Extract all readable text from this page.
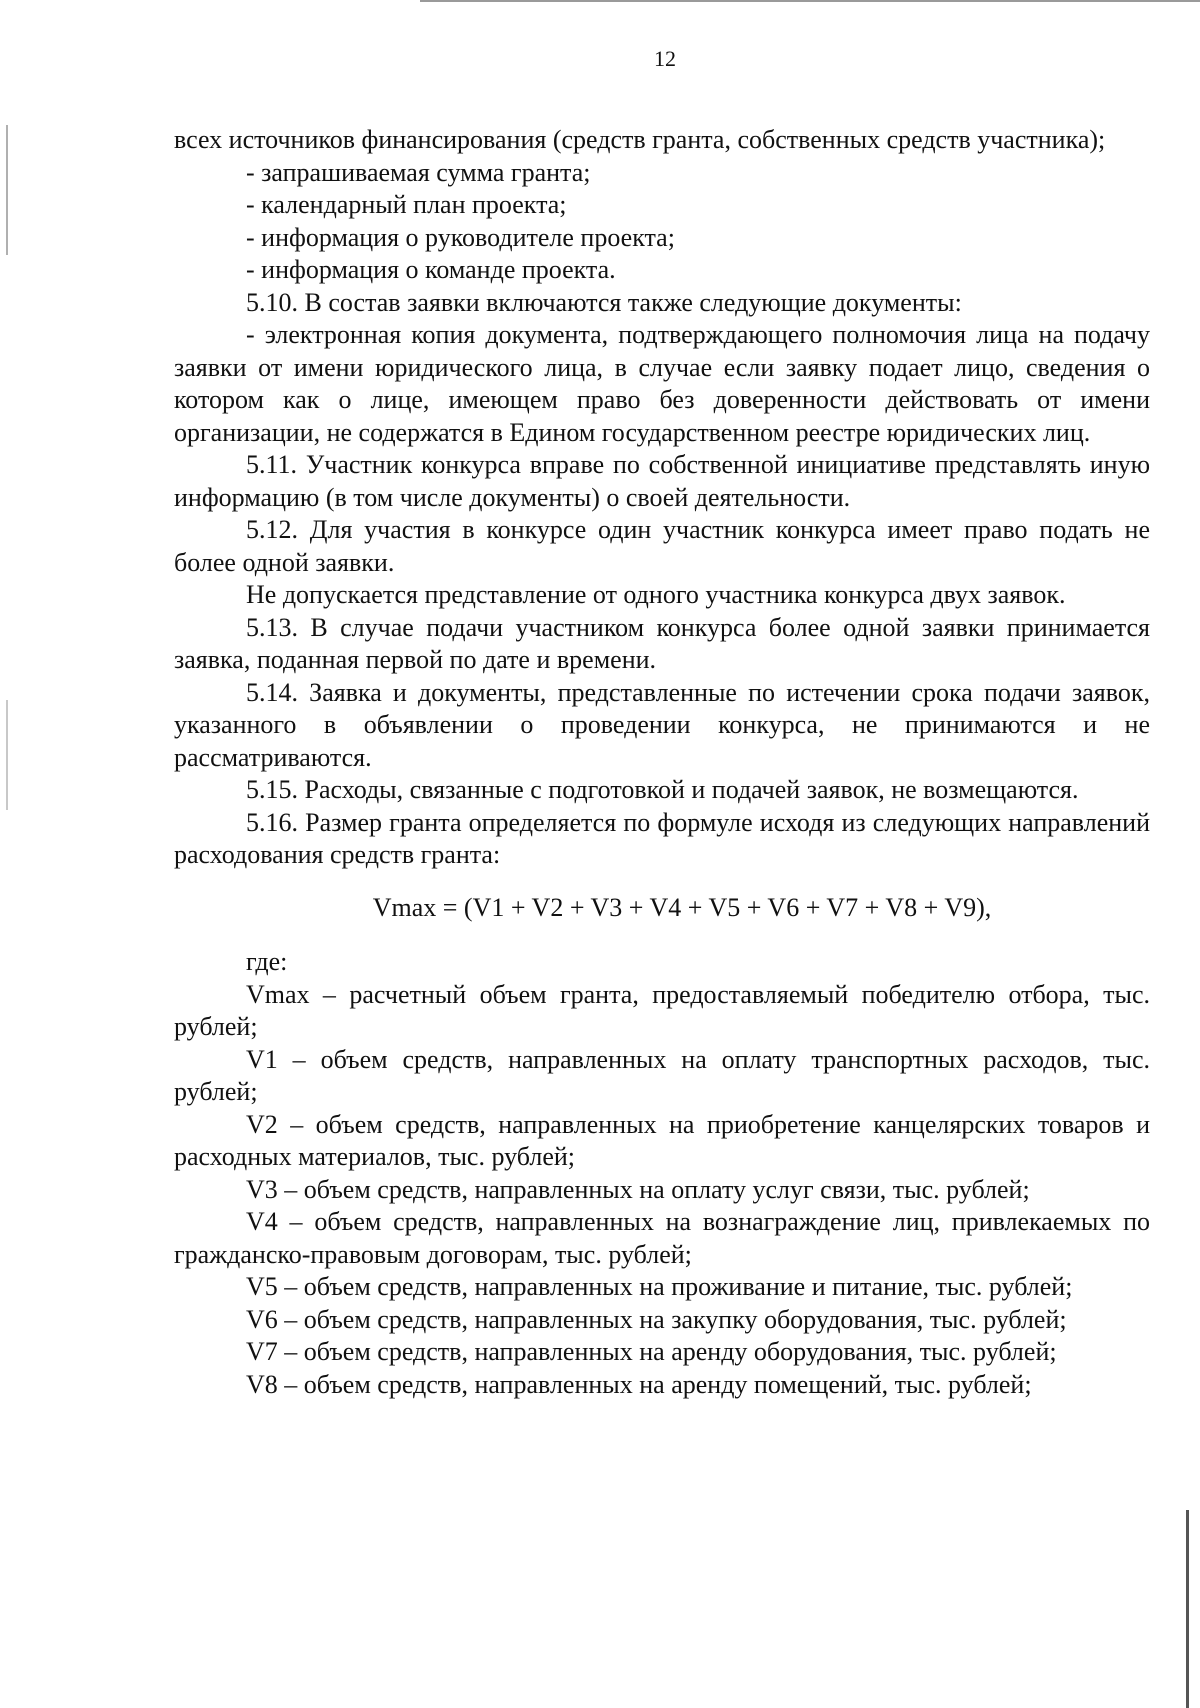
12

всех источников финансирования (средств гранта, собственных средств участника);

- запрашиваемая сумма гранта;

- календарный план проекта;

- информация о руководителе проекта;

- информация о команде проекта.

5.10. В состав заявки включаются также следующие документы:

- электронная копия документа, подтверждающего полномочия лица на подачу заявки от имени юридического лица, в случае если заявку подает лицо, сведения о котором как о лице, имеющем право без доверенности действовать от имени организации, не содержатся в Едином государственном реестре юридических лиц.

5.11. Участник конкурса вправе по собственной инициативе представлять иную информацию (в том числе документы) о своей деятельности.

5.12. Для участия в конкурсе один участник конкурса имеет право подать не более одной заявки.

Не допускается представление от одного участника конкурса двух заявок.

5.13. В случае подачи участником конкурса более одной заявки принимается заявка, поданная первой по дате и времени.

5.14. Заявка и документы, представленные по истечении срока подачи заявок, указанного в объявлении о проведении конкурса, не принимаются и не рассматриваются.

5.15. Расходы, связанные с подготовкой и подачей заявок, не возмещаются.

5.16. Размер гранта определяется по формуле исходя из следующих направлений расходования средств гранта:

Vmax = (V1 + V2 + V3 + V4 + V5 + V6 + V7 + V8 + V9),

где:

Vmax – расчетный объем гранта, предоставляемый победителю отбора, тыс. рублей;

V1 – объем средств, направленных на оплату транспортных расходов, тыс. рублей;

V2 – объем средств, направленных на приобретение канцелярских товаров и расходных материалов, тыс. рублей;

V3 – объем средств, направленных на оплату услуг связи, тыс. рублей;

V4 – объем средств, направленных на вознаграждение лиц, привлекаемых по гражданско-правовым договорам, тыс. рублей;

V5 – объем средств, направленных на проживание и питание, тыс. рублей;

V6 – объем средств, направленных на закупку оборудования, тыс. рублей;

V7 – объем средств, направленных на аренду оборудования, тыс. рублей;

V8 – объем средств, направленных на аренду помещений, тыс. рублей;
